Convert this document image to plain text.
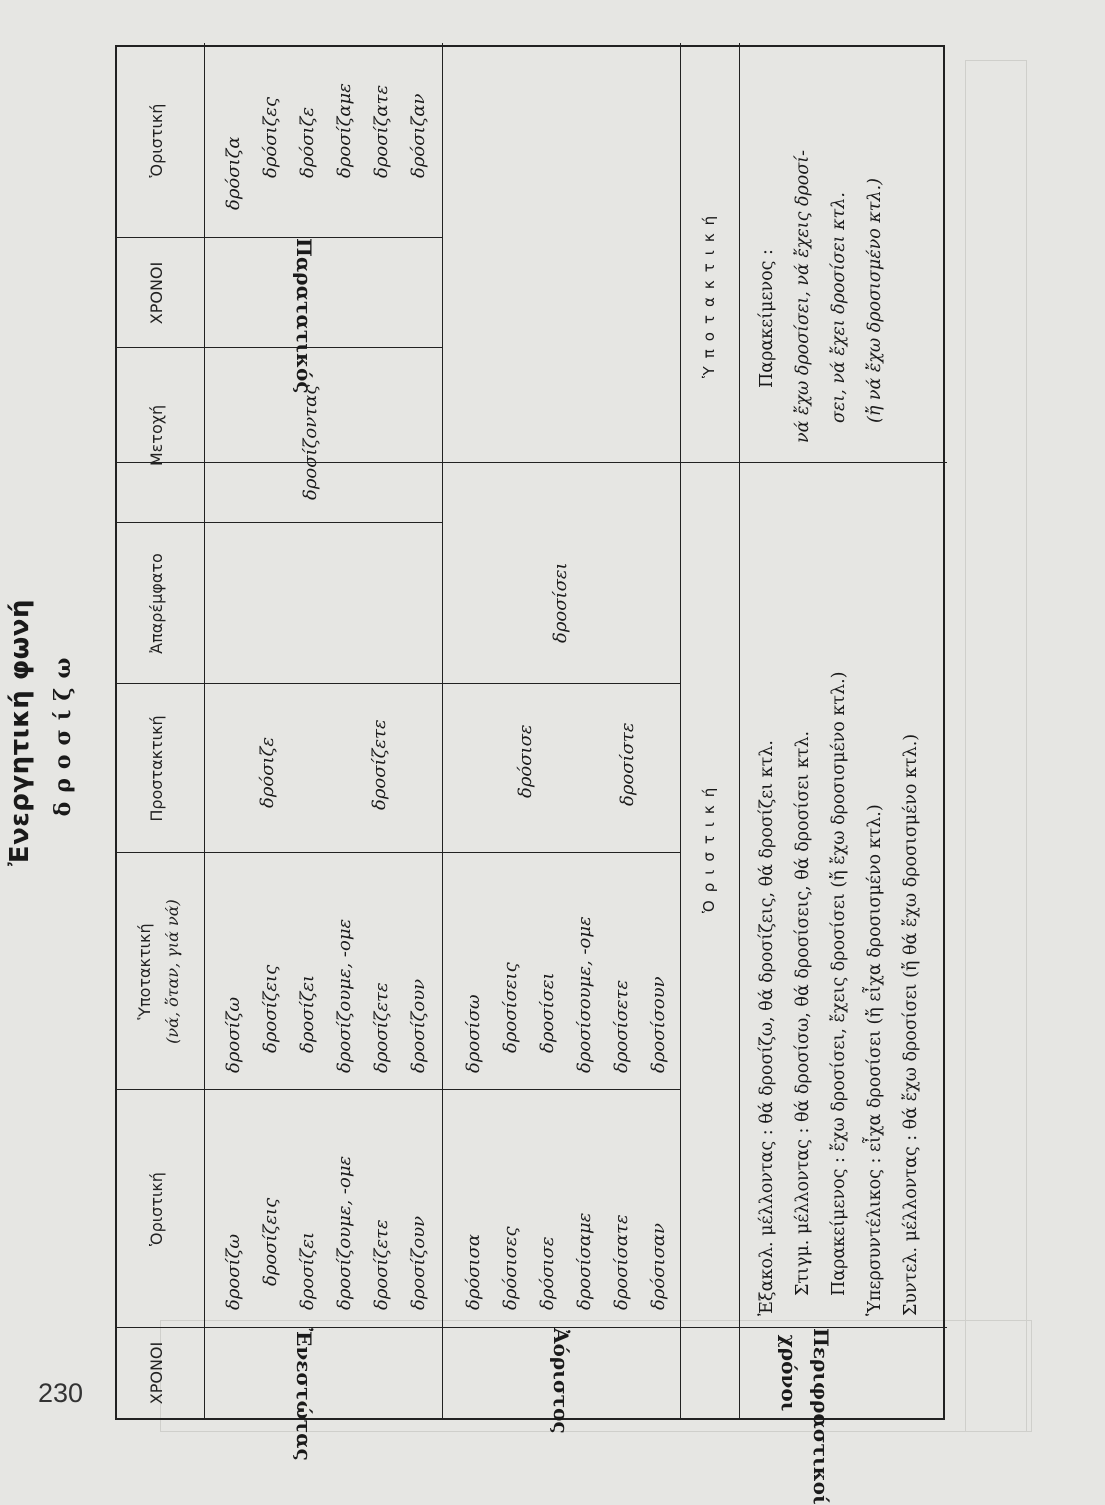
230
Ἐνεργητική φωνή δροσίζω
ΧΡΟΝΟΙ
Ὁριστική
Ὑποτακτική (νά, ὅταν, γιά νά)
Προστακτική
Ἀπαρέμφατο
Μετοχή
ΧΡΟΝΟΙ
Ὁριστική
Ἐνεστώτας
δροσίζω δροσίζεις δροσίζει δροσίζουμε, -ομε δροσίζετε δροσίζουν
δροσίζω δροσίζεις δροσίζει δροσίζουμε, -ομε δροσίζετε δροσίζουν
δρόσιζε	δροσίζετε
δροσίζοντας
Παρατατικός
δρόσιζα δρόσιζες δρόσιζε δροσίζαμε δροσίζατε δρόσιζαν
Ἀόριστος
δρόσισα δρόσισες δρόσισε δροσίσαμε δροσίσατε δρόσισαν
δροσίσω δροσίσεις δροσίσει δροσίσουμε, -ομε δροσίσετε δροσίσουν
δρόσισε	δροσίστε
δροσίσει
Περιφραστικοί
χρόνοι
Ὁριστική
Ὑποτακτική
Ἐξακολ. μέλλοντας : θά δροσίζω, θά δροσίζεις, θά δροσίζει κτλ. Στιγμ. μέλλοντας : θά δροσίσω, θά δροσίσεις, θά δροσίσει κτλ. Παρακείμενος : ἔχω δροσίσει, ἔχεις δροσίσει (ἤ ἔχω δροσισμένο κτλ.) Ὑπερσυντέλικος : εἶχα δροσίσει (ἤ εἶχα δροσισμένο κτλ.) Συντελ. μέλλοντας : θά ἔχω δροσίσει (ἤ θά ἔχω δροσισμένο κτλ.)
Παρακείμενος : νά ἔχω δροσίσει, νά ἔχεις δροσί- σει, νά ἔχει δροσίσει κτλ. (ἤ νά ἔχω δροσισμένο κτλ.)
